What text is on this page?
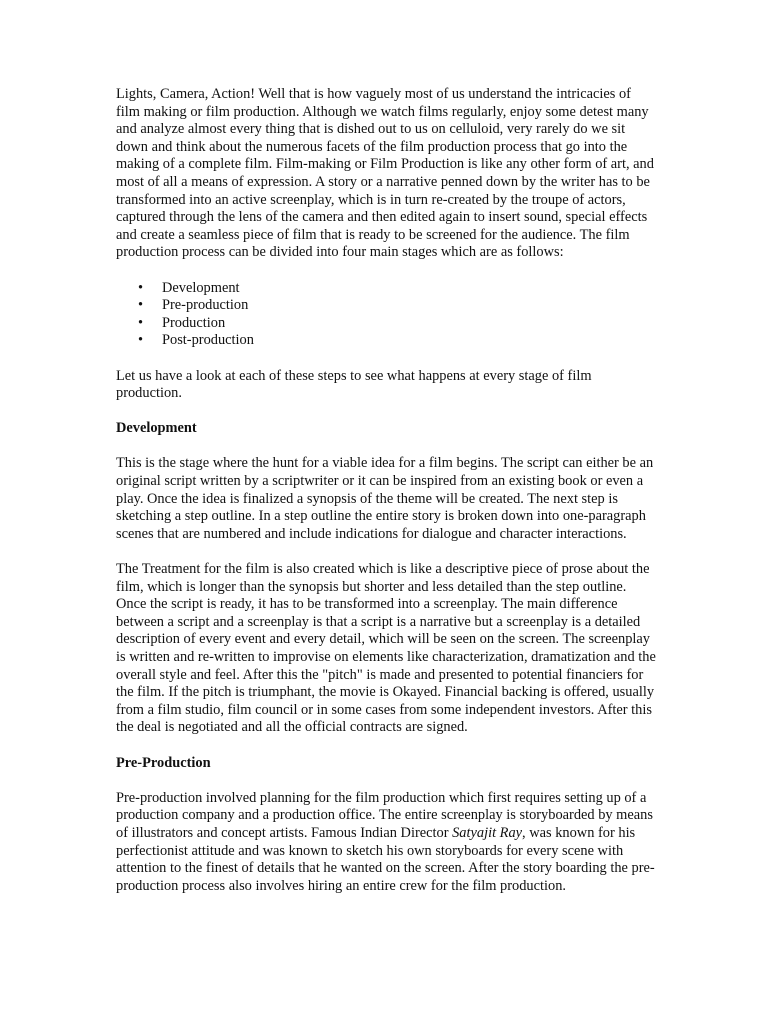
Lights, Camera, Action! Well that is how vaguely most of us understand the intricacies of film making or film production. Although we watch films regularly, enjoy some detest many and analyze almost every thing that is dished out to us on celluloid, very rarely do we sit down and think about the numerous facets of the film production process that go into the making of a complete film. Film-making or Film Production is like any other form of art, and most of all a means of expression. A story or a narrative penned down by the writer has to be transformed into an active screenplay, which is in turn re-created by the troupe of actors, captured through the lens of the camera and then edited again to insert sound, special effects and create a seamless piece of film that is ready to be screened for the audience. The film production process can be divided into four main stages which are as follows:

• Development
• Pre-production
• Production
• Post-production

Let us have a look at each of these steps to see what happens at every stage of film production.

Development

This is the stage where the hunt for a viable idea for a film begins. The script can either be an original script written by a scriptwriter or it can be inspired from an existing book or even a play. Once the idea is finalized a synopsis of the theme will be created. The next step is sketching a step outline. In a step outline the entire story is broken down into one-paragraph scenes that are numbered and include indications for dialogue and character interactions.

The Treatment for the film is also created which is like a descriptive piece of prose about the film, which is longer than the synopsis but shorter and less detailed than the step outline. Once the script is ready, it has to be transformed into a screenplay. The main difference between a script and a screenplay is that a script is a narrative but a screenplay is a detailed description of every event and every detail, which will be seen on the screen. The screenplay is written and re-written to improvise on elements like characterization, dramatization and the overall style and feel. After this the "pitch" is made and presented to potential financiers for the film. If the pitch is triumphant, the movie is Okayed. Financial backing is offered, usually from a film studio, film council or in some cases from some independent investors. After this the deal is negotiated and all the official contracts are signed.

Pre-Production

Pre-production involved planning for the film production which first requires setting up of a production company and a production office. The entire screenplay is storyboarded by means of illustrators and concept artists. Famous Indian Director Satyajit Ray, was known for his perfectionist attitude and was known to sketch his own storyboards for every scene with attention to the finest of details that he wanted on the screen. After the story boarding the pre-production process also involves hiring an entire crew for the film production.
